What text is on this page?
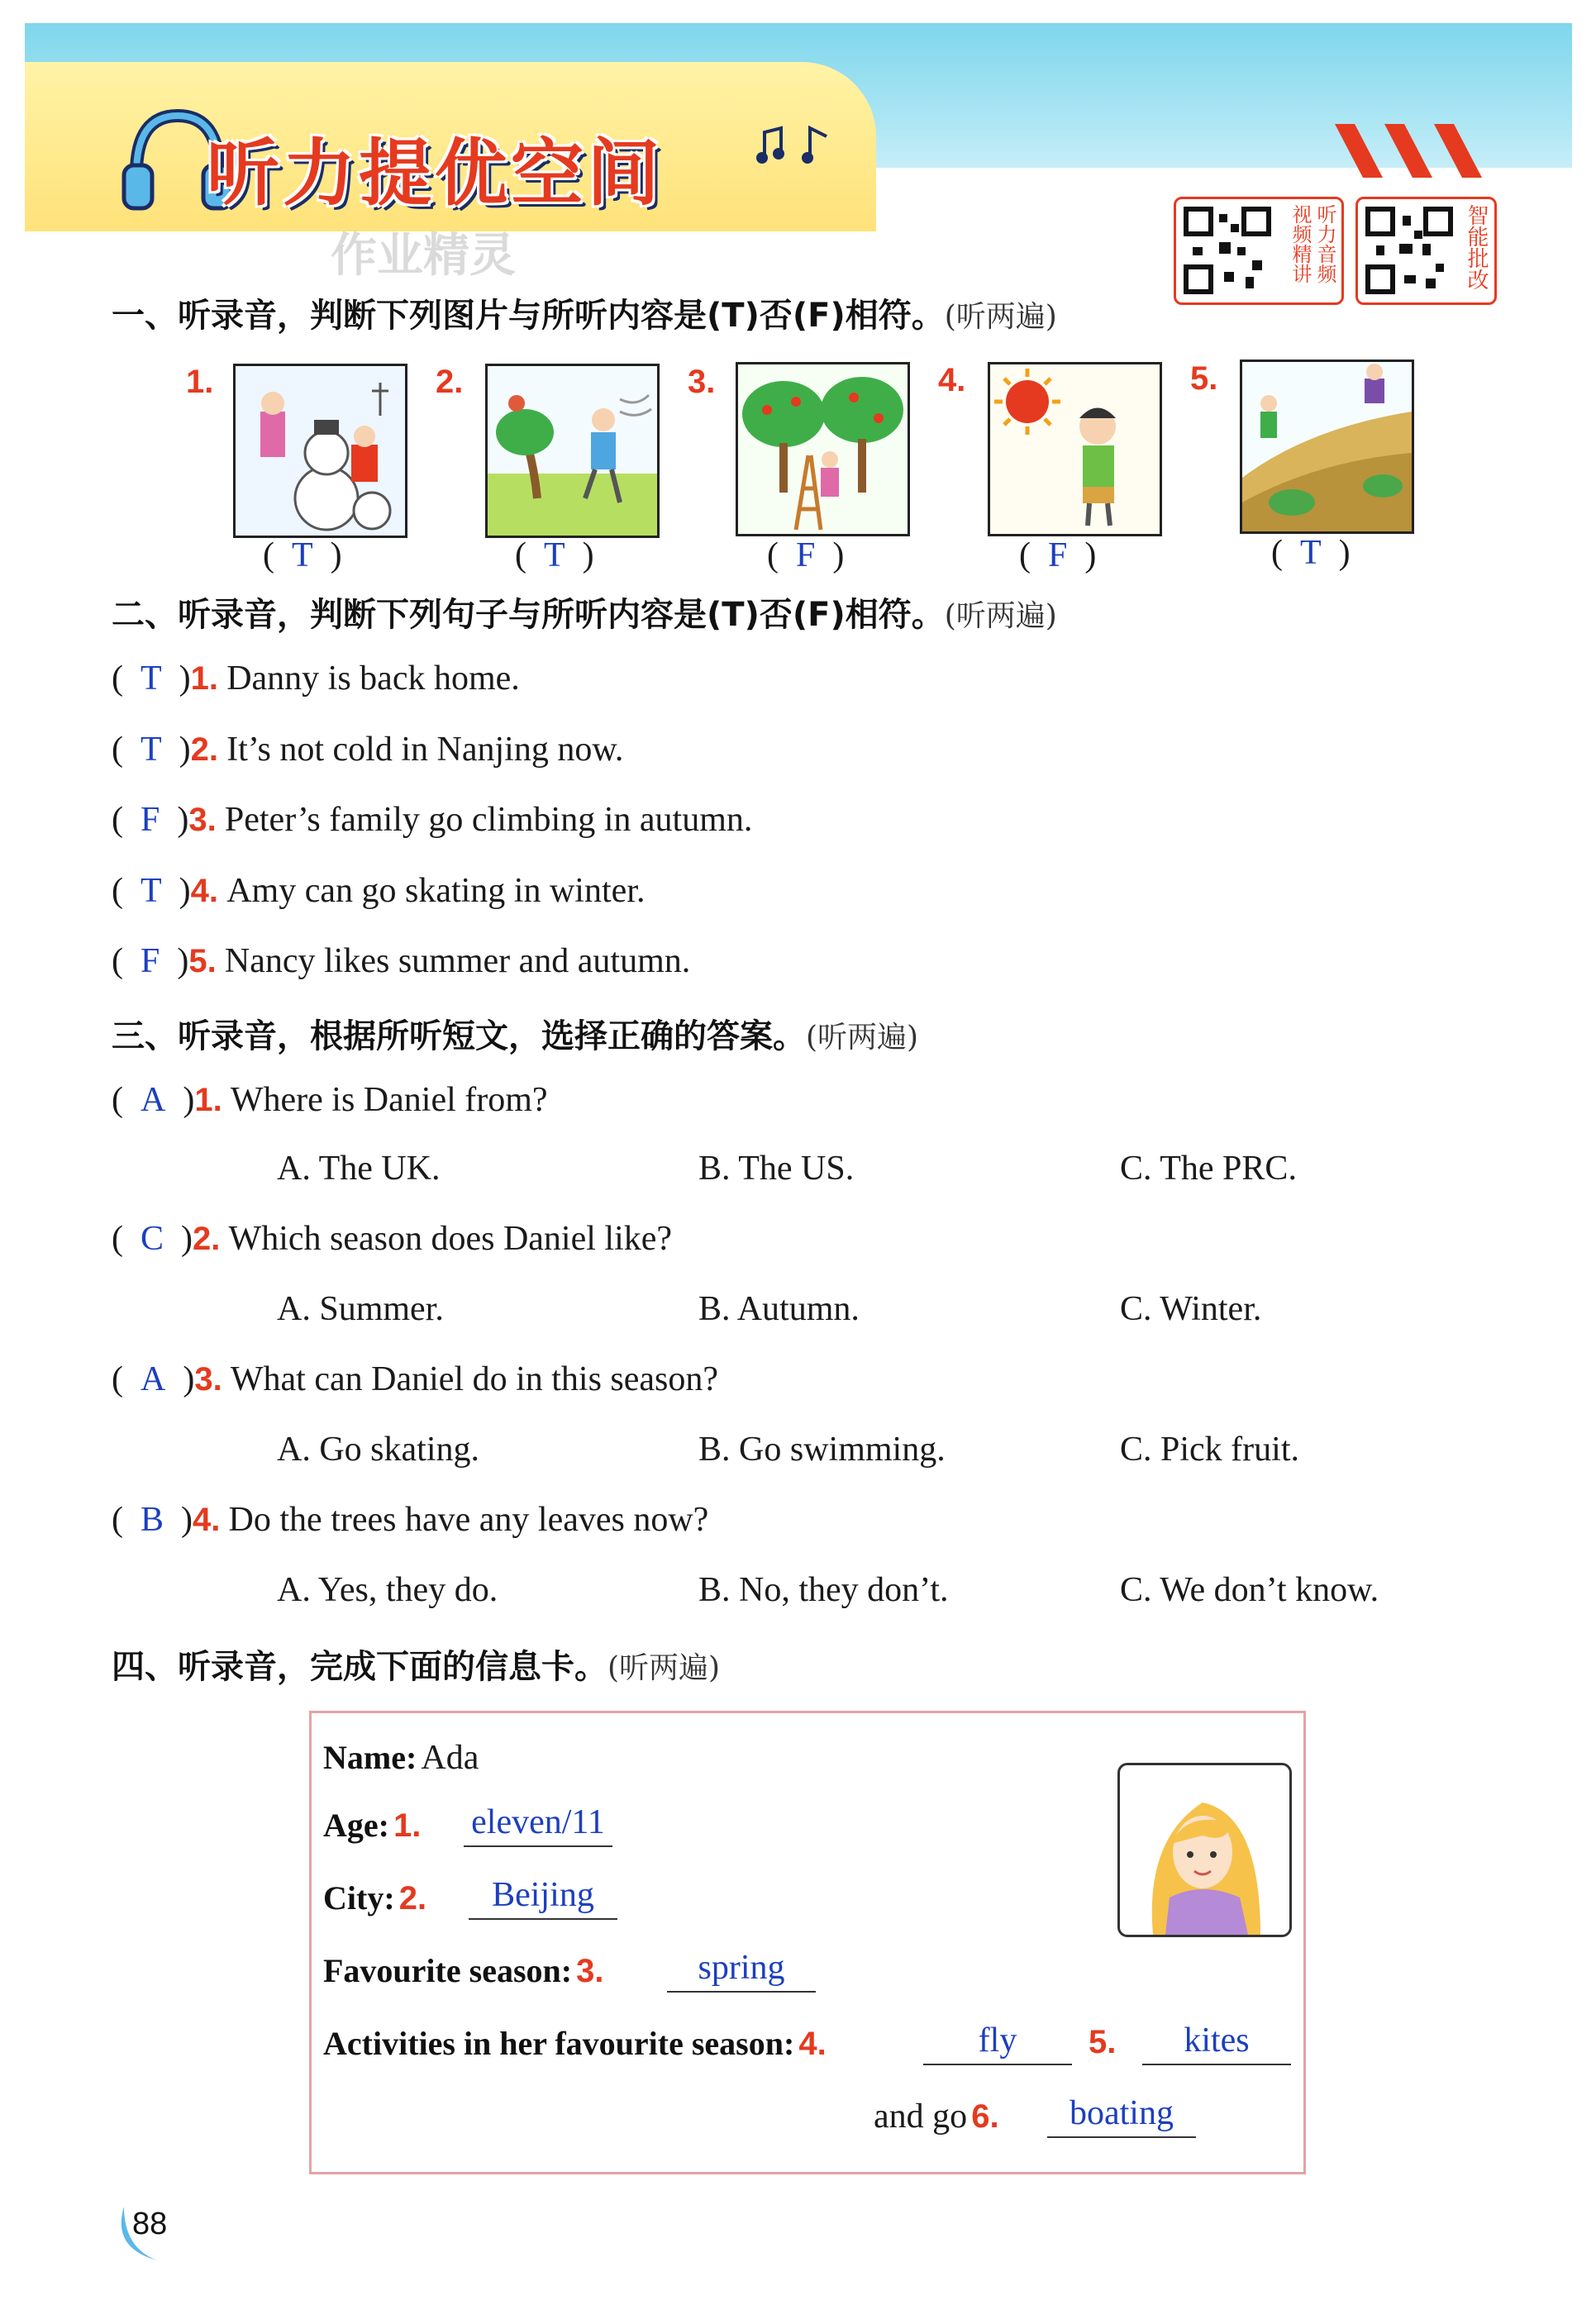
听力提优空间
听力音频视频精讲	智能批改
作业精灵
一、听录音，判断下列图片与所听内容是(T)否(F)相符。(听两遍)
1.
(  T  )
2.
(  T  )
3.
(  F  )
4.
(  F  )
5.
(  T  )
二、听录音，判断下列句子与所听内容是(T)否(F)相符。(听两遍)
(  T  )1. Danny is back home.
(  T  )2. It’s not cold in Nanjing now.
(  F  )3. Peter’s family go climbing in autumn.
(  T  )4. Amy can go skating in winter.
(  F  )5. Nancy likes summer and autumn.
三、听录音，根据所听短文，选择正确的答案。(听两遍)
(  A  )1. Where is Daniel from?
A. The UK.	B. The US.	C. The PRC.
(  C  )2. Which season does Daniel like?
A. Summer.	B. Autumn.	C. Winter.
(  A  )3. What can Daniel do in this season?
A. Go skating.	B. Go swimming.	C. Pick fruit.
(  B  )4. Do the trees have any leaves now?
A. Yes, they do.	B. No, they don’t.	C. We don’t know.
四、听录音，完成下面的信息卡。(听两遍)
Name: Ada
Age: 1. eleven/11
City: 2.	Beijing
Favourite season: 3.	spring
Activities in her favourite season: 4.	fly	5.	kites
and go 6.	boating
88
